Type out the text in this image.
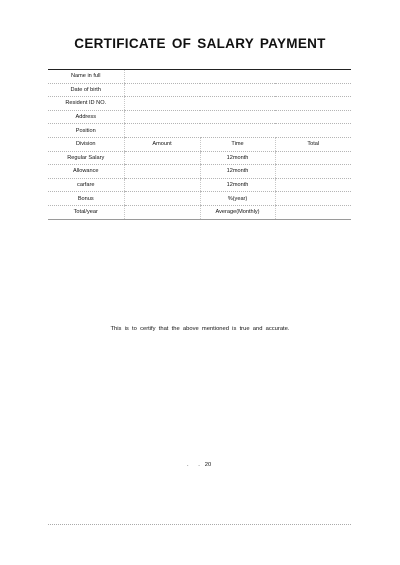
CERTIFICATE OF SALARY PAYMENT
Name in full			
Date of birth			
Resident ID NO.			
Address			
Position			
Division	Amount	Time	Total
Regular Salary		12month	
Allowance		12month	
carfare		12month	
Bonus		%(year)	
Total/year		Average(Monthly)	
This is to certify that the above mentioned is true and accurate.
.      .   20
